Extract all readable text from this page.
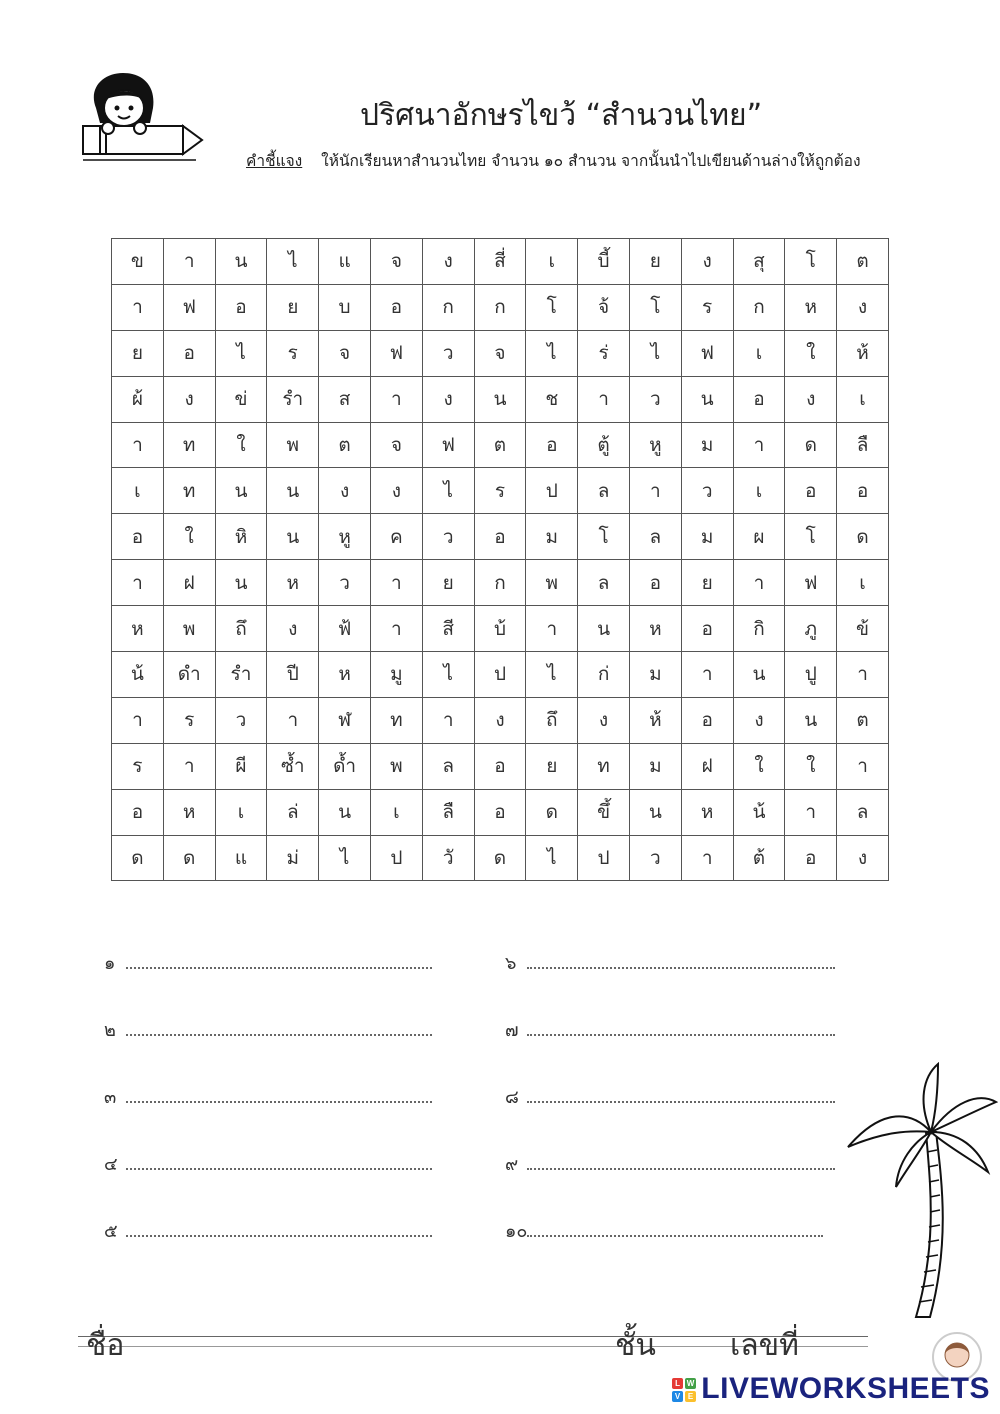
ปริศนาอักษรไขว้ “สำนวนไทย”
คำชี้แจง ให้นักเรียนหาสำนวนไทย จำนวน ๑๐ สำนวน จากนั้นนำไปเขียนด้านล่างให้ถูกต้อง
ข	า	น	ไ	แ	จ	ง	สี่	เ	บี้	ย	ง	สุ	โ	ต
า	ฟ	อ	ย	บ	อ	ก	ก	โ	จ้	โ	ร	ก	ห	ง
ย	อ	ไ	ร	จ	ฟ	ว	จ	ไ	ร่	ไ	ฟ	เ	ใ	ห้
ผ้	ง	ข่	รำ	ส	า	ง	น	ช	า	ว	น	อ	ง	เ
า	ท	ใ	พ	ต	จ	ฟ	ต	อ	ตู้	หู	ม	า	ด	ลื
เ	ท	น	น	ง	ง	ไ	ร	ป	ล	า	ว	เ	อ	อ
อ	ใ	หิ	น	หู	ค	ว	อ	ม	โ	ล	ม	ผ	โ	ด
า	ฝ	น	ห	ว	า	ย	ก	พ	ล	อ	ย	า	ฟ	เ
ห	พ	ถึ	ง	ฟ้	า	สี	บ้	า	น	ห	อ	กิ	ภู	ข้
น้	ดำ	รำ	ปี	ห	มู	ไ	ป	ไ	ก่	ม	า	น	ปู	า
า	ร	ว	า	ฬ	ท	า	ง	ถึ	ง	ห้	อ	ง	น	ต
ร	า	ผี	ซ้ำ	ด้ำ	พ	ล	อ	ย	ท	ม	ฝ	ใ	ใ	า
อ	ห	เ	ล่	น	เ	ลื	อ	ด	ขึ้	น	ห	น้	า	ล
ด	ด	แ	ม่	ไ	ป	วั	ด	ไ	ป	ว	า	ต้	อ	ง
๑
๒
๓
๔
๕
๖
๗
๘
๙
๑๐
ชื่อ	ชั้น เลขที่
L W
V E LIVEWORKSHEETS
